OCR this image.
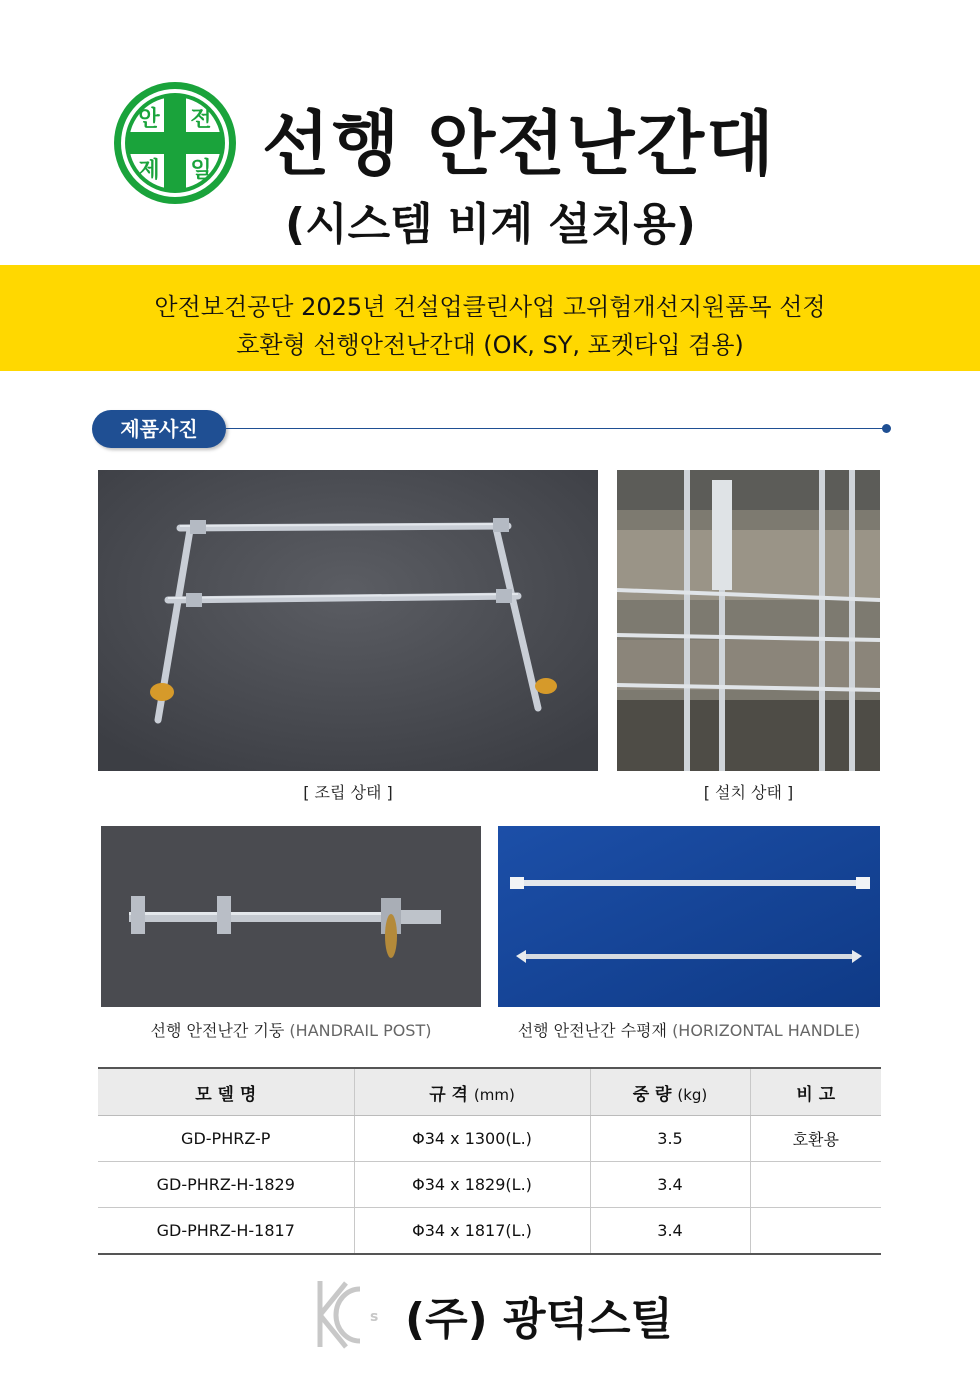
안 전
제 일 선행 안전난간대
(시스템 비계 설치용)
안전보건공단 2025년 건설업클린사업 고위험개선지원품목 선정
호환형 선행안전난간대 (OK, SY, 포켓타입 겸용)
제품사진
[ 조립 상태 ]	[ 설치 상태 ]
선행 안전난간 기둥 (HANDRAIL POST)	선행 안전난간 수평재 (HORIZONTAL HANDLE)
모 델 명	규 격 (mm)	중 량 (kg)	비 고
GD-PHRZ-P	Φ34 x 1300(L.)	3.5	호환용
GD-PHRZ-H-1829	Φ34 x 1829(L.)	3.4	
GD-PHRZ-H-1817	Φ34 x 1817(L.)	3.4	
s (주) 광덕스틸
